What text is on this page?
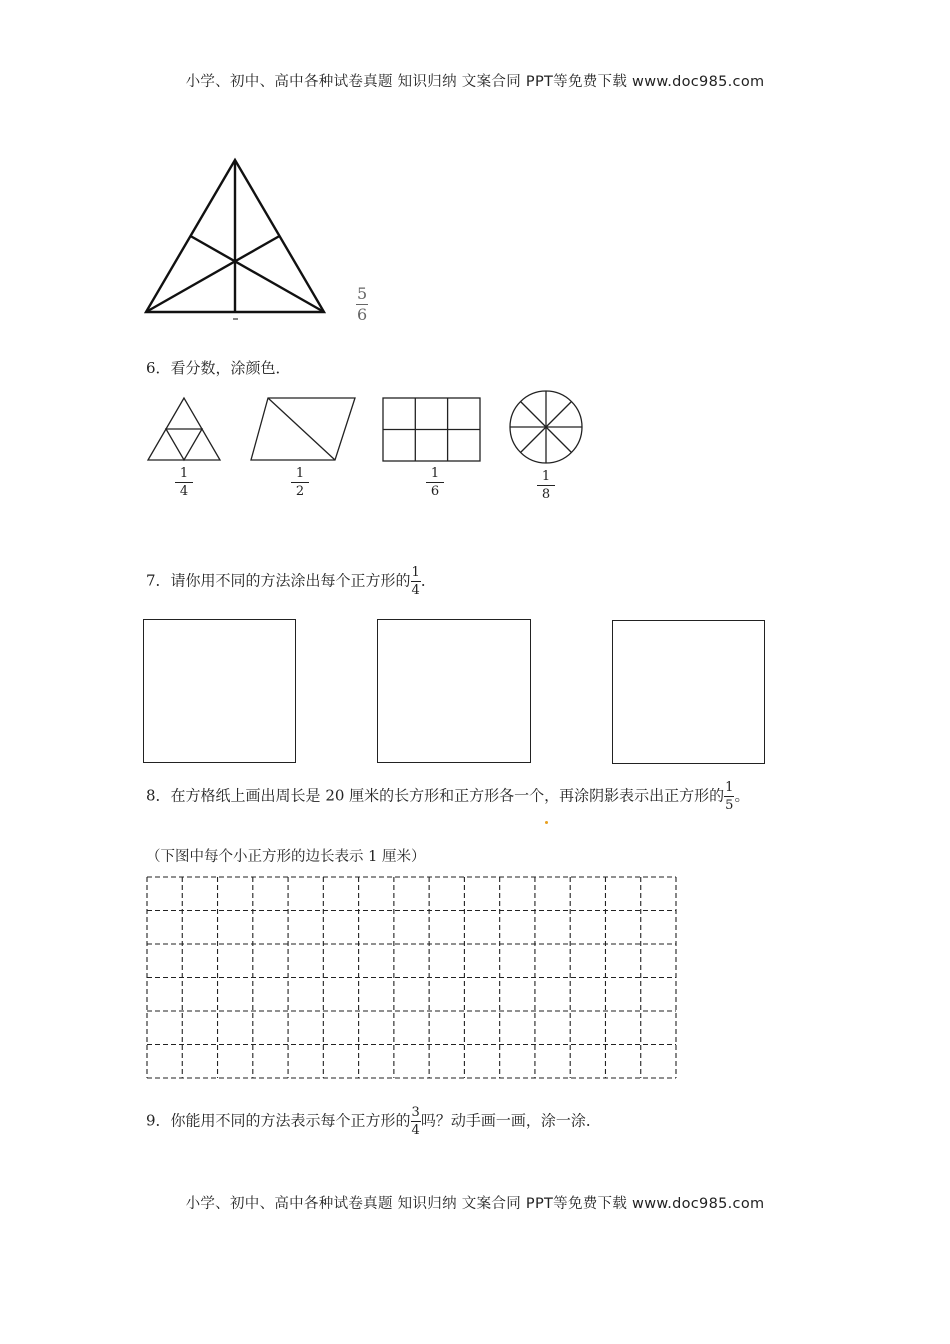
小学、初中、高中各种试卷真题 知识归纳 文案合同 PPT等免费下载 www.doc985.com
$\frac{5}{6}$
6．看分数，涂颜色．
$\frac{1}{4}$	$\frac{1}{2}$	$\frac{1}{6}$	$\frac{1}{8}$
7．请你用不同的方法涂出每个正方形的 $\frac{1}{4}$ ．
8．在方格纸上画出周长是 20 厘米的长方形和正方形各一个，再涂阴影表示出正方形的 $\frac{1}{5}$ 。
（下图中每个小正方形的边长表示 1 厘米）
9．你能用不同的方法表示每个正方形的 $\frac{3}{4}$ 吗？动手画一画，涂一涂．
小学、初中、高中各种试卷真题 知识归纳 文案合同 PPT等免费下载 www.doc985.com
